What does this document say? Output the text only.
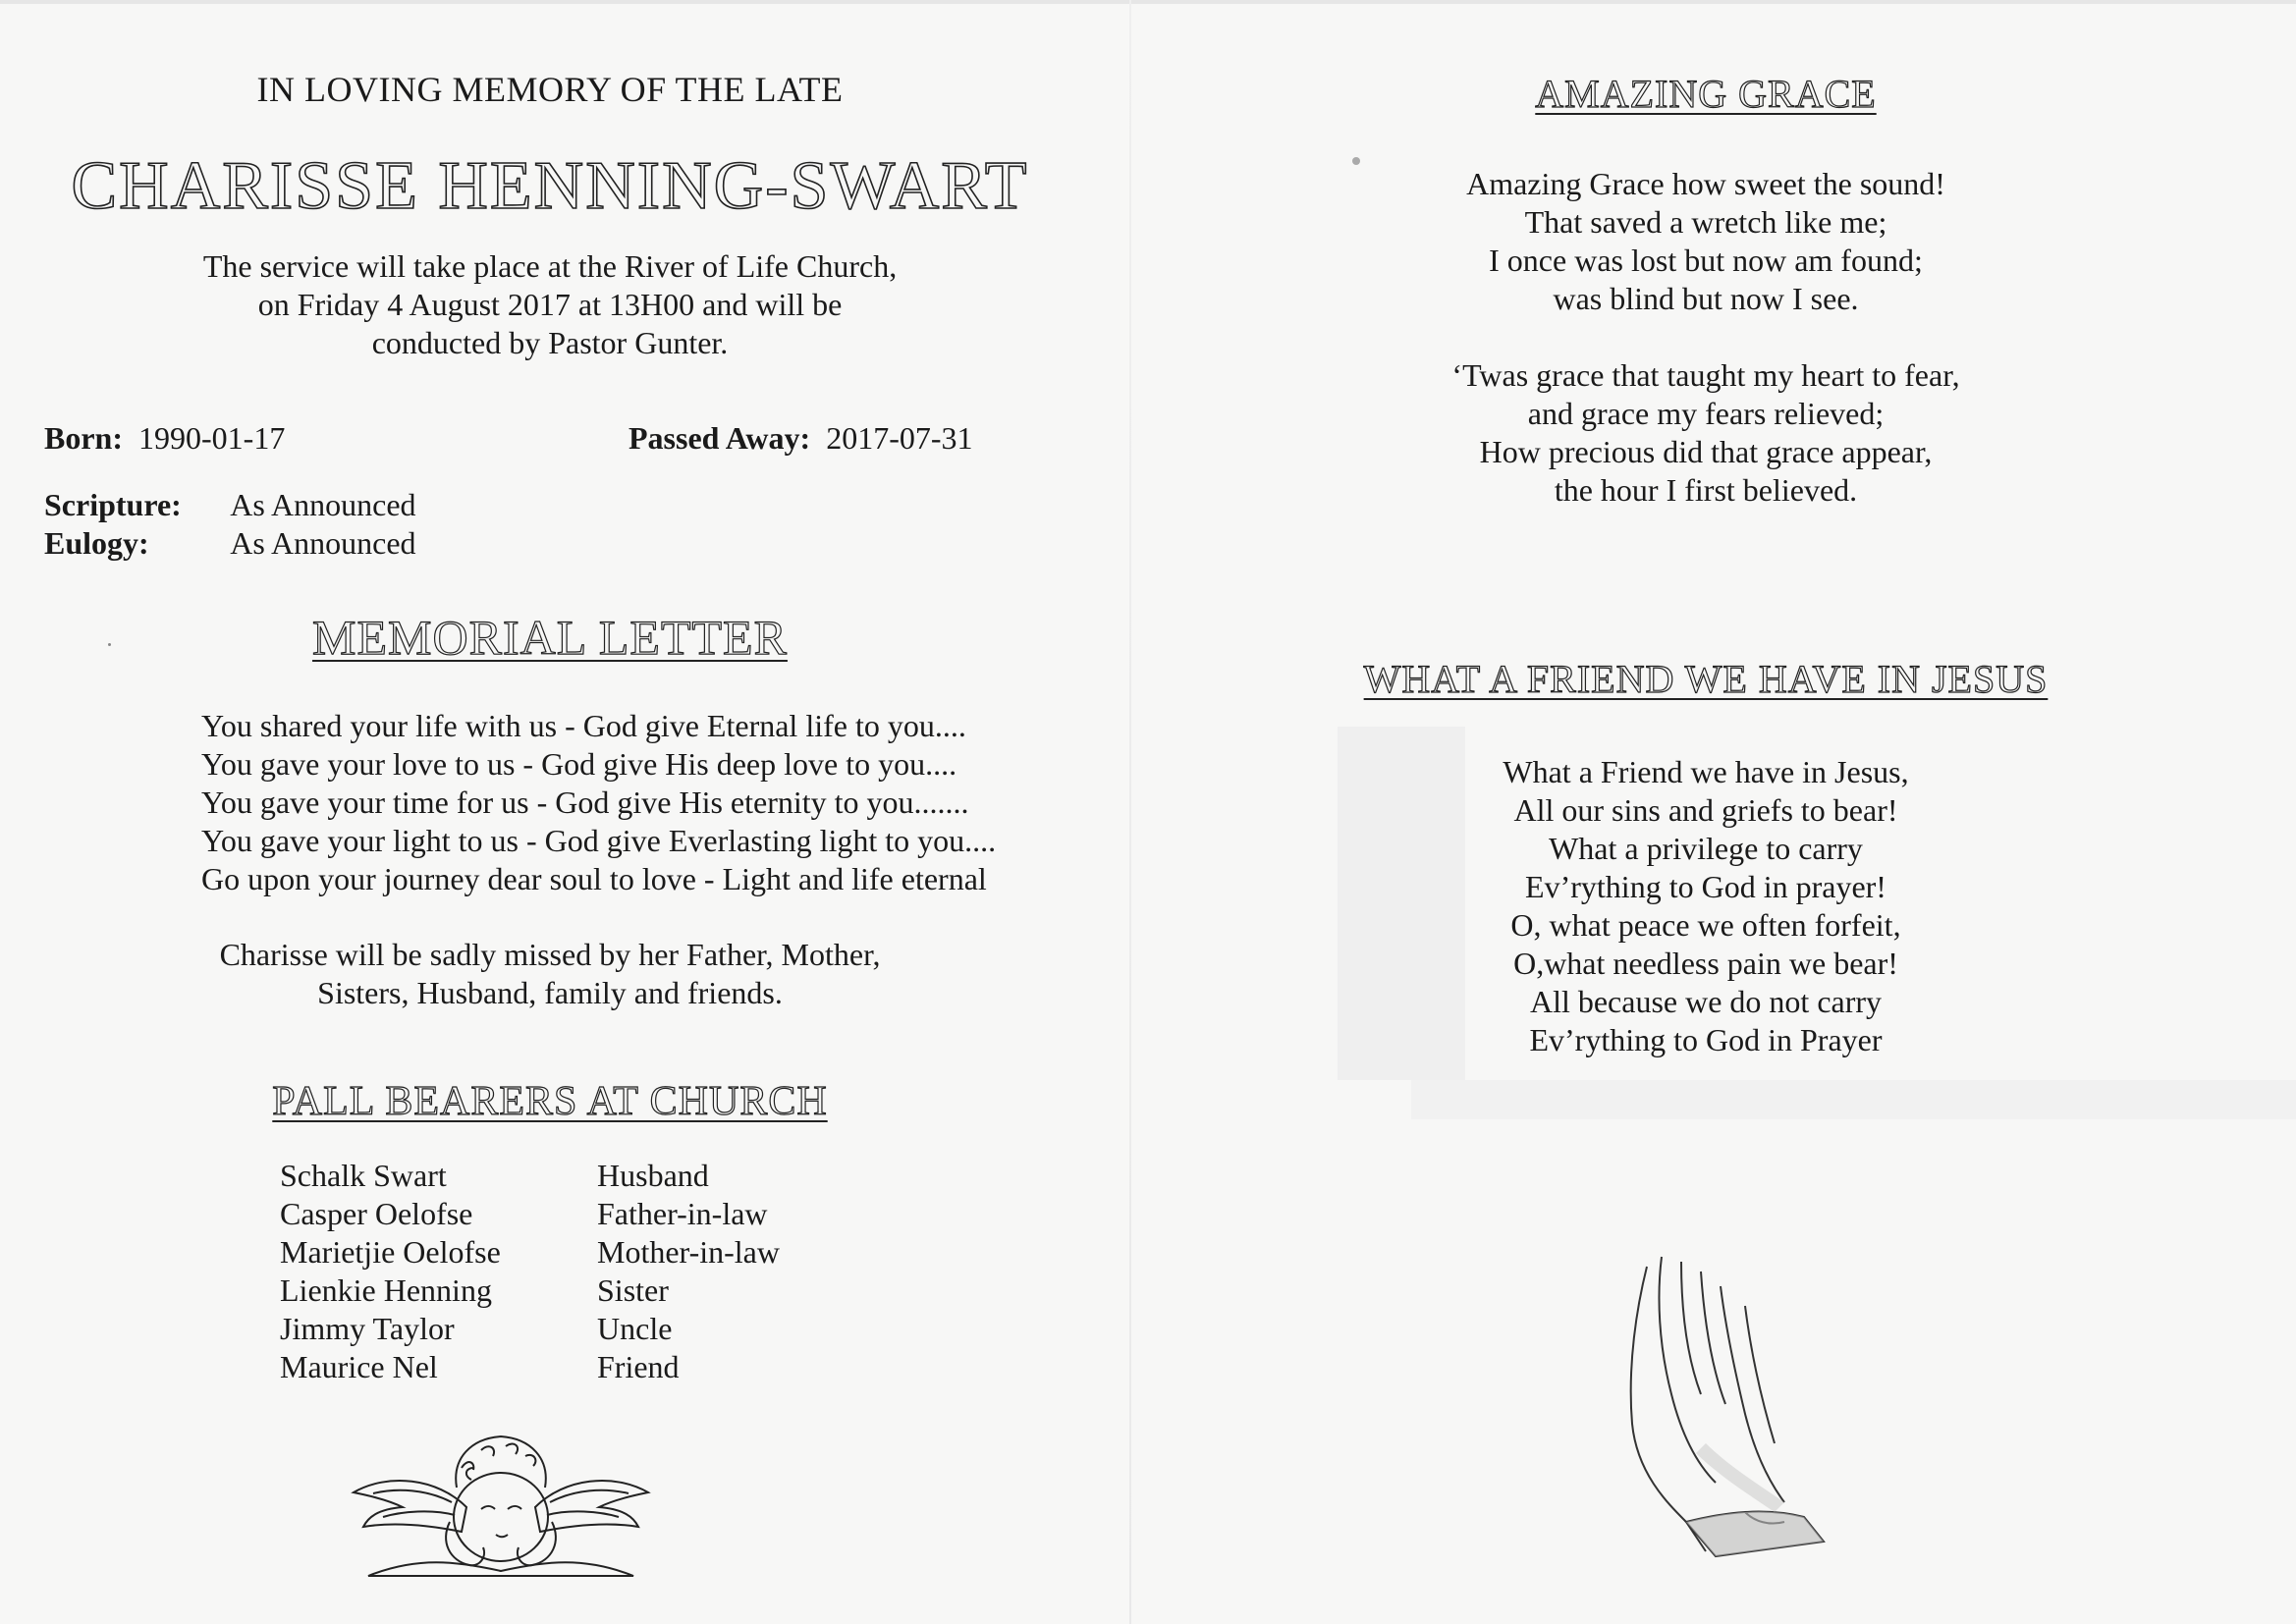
IN LOVING MEMORY OF THE LATE
CHARISSE HENNING-SWART
The service will take place at the River of Life Church,
on Friday 4 August 2017 at 13H00 and will be
conducted by Pastor Gunter.
Born: 1990-01-17	Passed Away: 2017-07-31
Scripture: As Announced
Eulogy:	As Announced
MEMORIAL LETTER
You shared your life with us - God give Eternal life to you....
You gave your love to us - God give His deep love to you....
You gave your time for us - God give His eternity to you.......
You gave your light to us - God give Everlasting light to you....
Go upon your journey dear soul to love - Light and life eternal
Charisse will be sadly missed by her Father, Mother,
Sisters, Husband, family and friends.
PALL BEARERS AT CHURCH
Schalk Swart	Husband
Casper Oelofse	Father-in-law
Marietjie Oelofse	Mother-in-law
Lienkie Henning	Sister
Jimmy Taylor	Uncle
Maurice Nel	Friend
AMAZING GRACE
Amazing Grace how sweet the sound!
That saved a wretch like me;
I once was lost but now am found;
was blind but now I see.
‘Twas grace that taught my heart to fear,
and grace my fears relieved;
How precious did that grace appear,
the hour I first believed.
WHAT A FRIEND WE HAVE IN JESUS
What a Friend we have in Jesus,
All our sins and griefs to bear!
What a privilege to carry
Ev’rything to God in prayer!
O, what peace we often forfeit,
O,what needless pain we bear!
All because we do not carry
Ev’rything to God in Prayer
